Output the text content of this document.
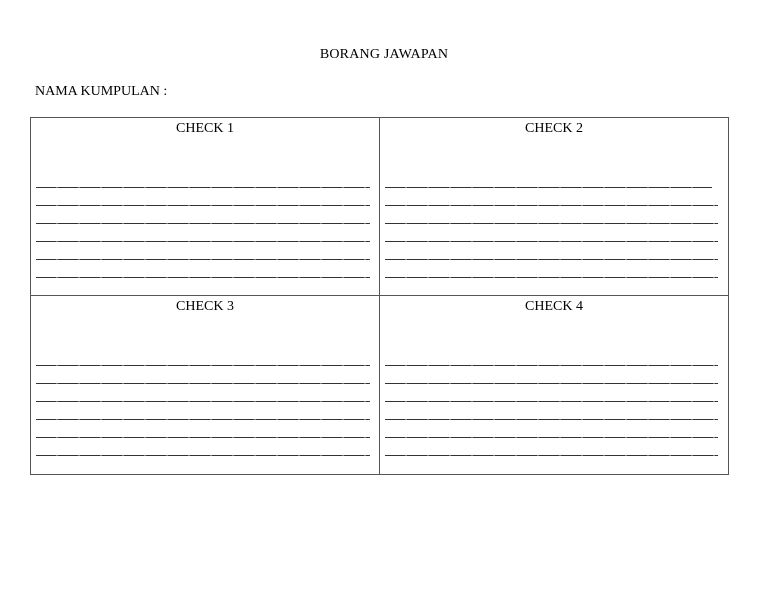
BORANG JAWAPAN
NAMA KUMPULAN :
CHECK 1	CHECK 2
CHECK 3	CHECK 4
